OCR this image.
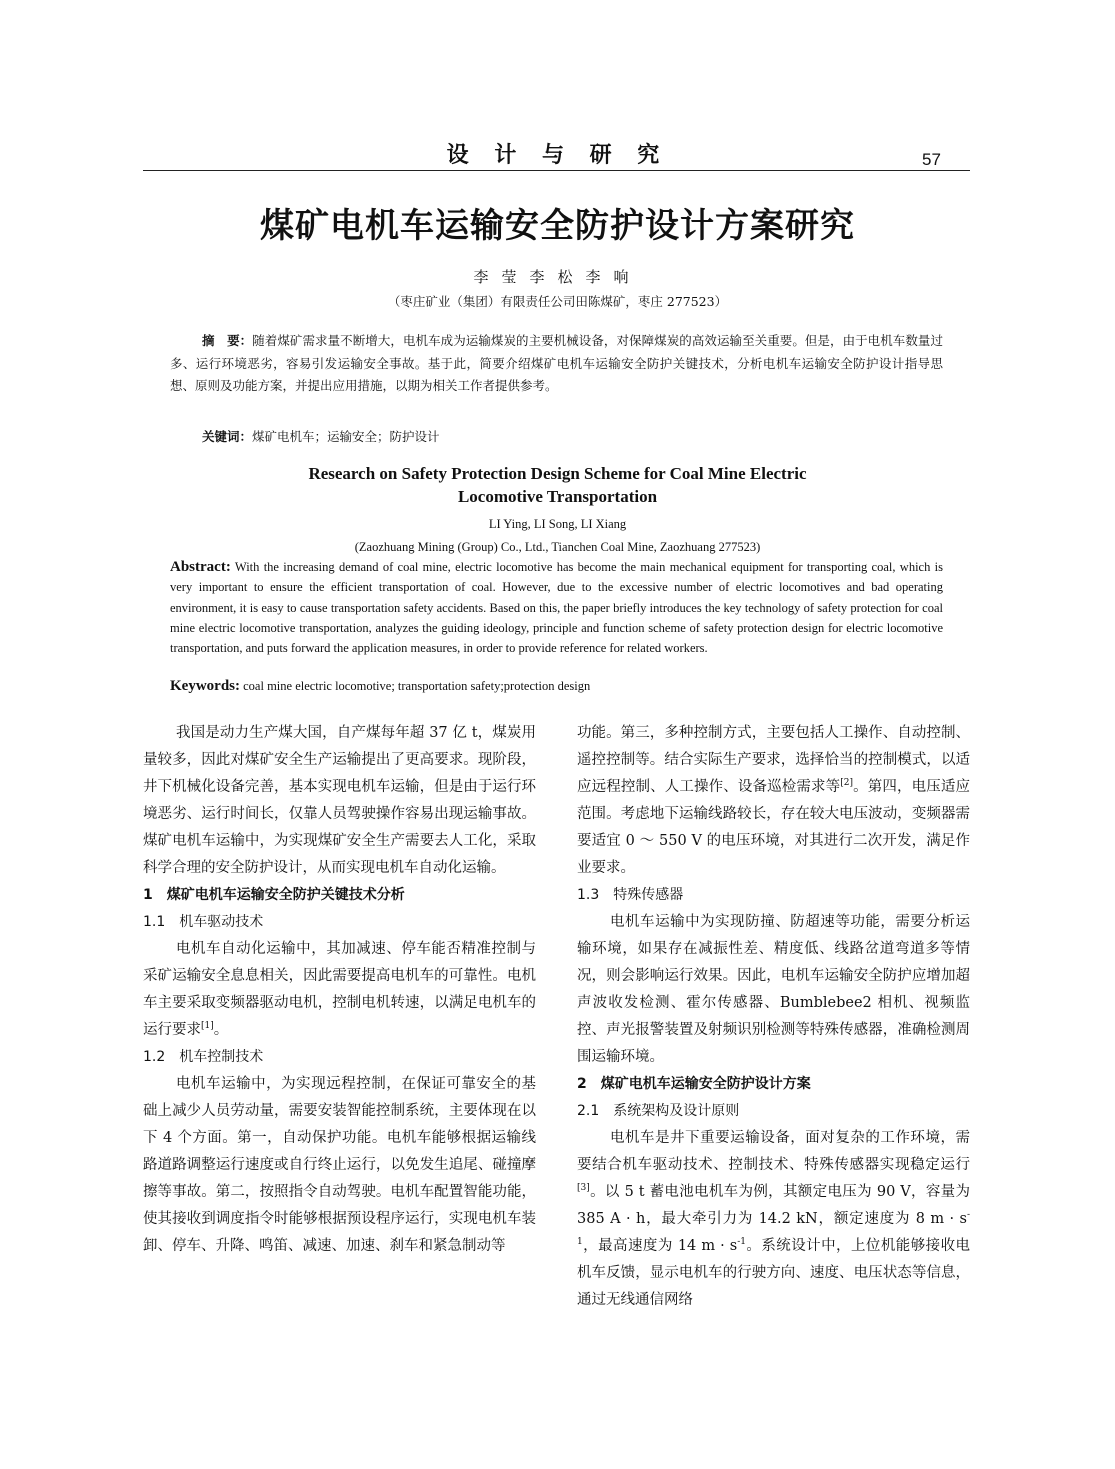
设 计 与 研 究	57
煤矿电机车运输安全防护设计方案研究
李莹李松李响
（枣庄矿业（集团）有限责任公司田陈煤矿，枣庄 277523）
摘　要：随着煤矿需求量不断增大，电机车成为运输煤炭的主要机械设备，对保障煤炭的高效运输至关重要。但是，由于电机车数量过多、运行环境恶劣，容易引发运输安全事故。基于此，简要介绍煤矿电机车运输安全防护关键技术，分析电机车运输安全防护设计指导思想、原则及功能方案，并提出应用措施，以期为相关工作者提供参考。
关键词：煤矿电机车；运输安全；防护设计
Research on Safety Protection Design Scheme for Coal Mine Electric
Locomotive Transportation
LI Ying, LI Song, LI Xiang
(Zaozhuang Mining (Group) Co., Ltd., Tianchen Coal Mine, Zaozhuang 277523)
Abstract: With the increasing demand of coal mine, electric locomotive has become the main mechanical equipment for transporting coal, which is very important to ensure the efficient transportation of coal. However, due to the excessive number of electric locomotives and bad operating environment, it is easy to cause transportation safety accidents. Based on this, the paper briefly introduces the key technology of safety protection for coal mine electric locomotive transportation, analyzes the guiding ideology, principle and function scheme of safety protection design for electric locomotive transportation, and puts forward the application measures, in order to provide reference for related workers.
Keywords: coal mine electric locomotive; transportation safety;protection design

我国是动力生产煤大国，自产煤每年超 37 亿 t，煤炭用量较多，因此对煤矿安全生产运输提出了更高要求。现阶段，井下机械化设备完善，基本实现电机车运输，但是由于运行环境恶劣、运行时间长，仅靠人员驾驶操作容易出现运输事故。煤矿电机车运输中，为实现煤矿安全生产需要去人工化，采取科学合理的安全防护设计，从而实现电机车自动化运输。

1　煤矿电机车运输安全防护关键技术分析

1.1　机车驱动技术

电机车自动化运输中，其加减速、停车能否精准控制与采矿运输安全息息相关，因此需要提高电机车的可靠性。电机车主要采取变频器驱动电机，控制电机转速，以满足电机车的运行要求[1]。

1.2　机车控制技术

电机车运输中，为实现远程控制，在保证可靠安全的基础上减少人员劳动量，需要安装智能控制系统，主要体现在以下 4 个方面。第一，自动保护功能。电机车能够根据运输线路道路调整运行速度或自行终止运行，以免发生追尾、碰撞摩擦等事故。第二，按照指令自动驾驶。电机车配置智能功能，使其接收到调度指令时能够根据预设程序运行，实现电机车装卸、停车、升降、鸣笛、减速、加速、刹车和紧急制动等

功能。第三，多种控制方式，主要包括人工操作、自动控制、遥控控制等。结合实际生产要求，选择恰当的控制模式，以适应远程控制、人工操作、设备巡检需求等[2]。第四，电压适应范围。考虑地下运输线路较长，存在较大电压波动，变频器需要适宜 0 ～ 550 V 的电压环境，对其进行二次开发，满足作业要求。

1.3　特殊传感器

电机车运输中为实现防撞、防超速等功能，需要分析运输环境，如果存在减振性差、精度低、线路岔道弯道多等情况，则会影响运行效果。因此，电机车运输安全防护应增加超声波收发检测、霍尔传感器、Bumblebee2 相机、视频监控、声光报警装置及射频识别检测等特殊传感器，准确检测周围运输环境。

2　煤矿电机车运输安全防护设计方案

2.1　系统架构及设计原则

电机车是井下重要运输设备，面对复杂的工作环境，需要结合机车驱动技术、控制技术、特殊传感器实现稳定运行[3]。以 5 t 蓄电池电机车为例，其额定电压为 90 V，容量为 385 A · h，最大牵引力为 14.2 kN，额定速度为 8 $m \cdot s^{-1}$，最高速度为 14 $m \cdot s^{-1}$。系统设计中，上位机能够接收电机车反馈，显示电机车的行驶方向、速度、电压状态等信息，通过无线通信网络
